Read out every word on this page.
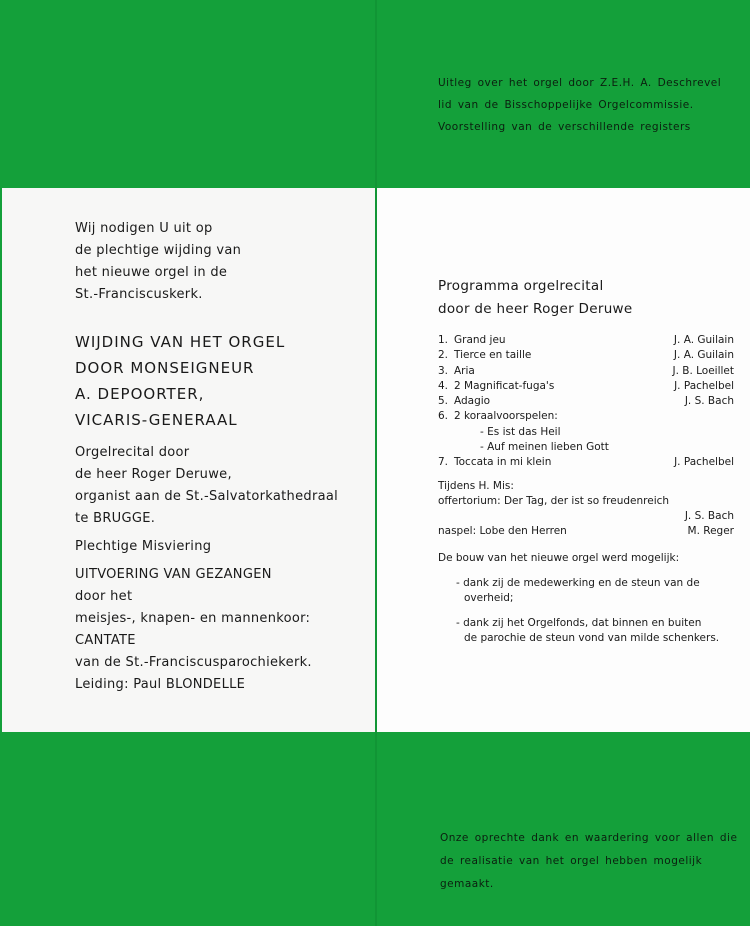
Uitleg over het orgel door Z.E.H. A. Deschrevel
lid van de Bisschoppelijke Orgelcommissie.
Voorstelling van de verschillende registers
Wij nodigen U uit op
de plechtige wijding van
het nieuwe orgel in de
St.-Franciscuskerk.
WIJDING VAN HET ORGEL
DOOR MONSEIGNEUR
A. DEPOORTER,
VICARIS-GENERAAL
Orgelrecital door
de heer Roger Deruwe,
organist aan de St.-Salvatorkathedraal
te BRUGGE.
Plechtige Misviering
UITVOERING VAN GEZANGEN
door het
meisjes-, knapen- en mannenkoor:
CANTATE
van de St.-Franciscusparochiekerk.
Leiding: Paul BLONDELLE
Programma orgelrecital
door de heer Roger Deruwe
1. Grand jeu	J. A. Guilain
2. Tierce en taille	J. A. Guilain
3. Aria	J. B. Loeillet
4. 2 Magnificat-fuga's	J. Pachelbel
5. Adagio	J. S. Bach
6. 2 koraalvoorspelen:
- Es ist das Heil
- Auf meinen lieben Gott
7. Toccata in mi klein	J. Pachelbel
Tijdens H. Mis:
offertorium: Der Tag, der ist so freudenreich
J. S. Bach
naspel: Lobe den Herren	M. Reger
De bouw van het nieuwe orgel werd mogelijk:
- dank zij de medewerking en de steun van de
overheid;
- dank zij het Orgelfonds, dat binnen en buiten
de parochie de steun vond van milde schenkers.
Onze oprechte dank en waardering voor allen die
de realisatie van het orgel hebben mogelijk gemaakt.
